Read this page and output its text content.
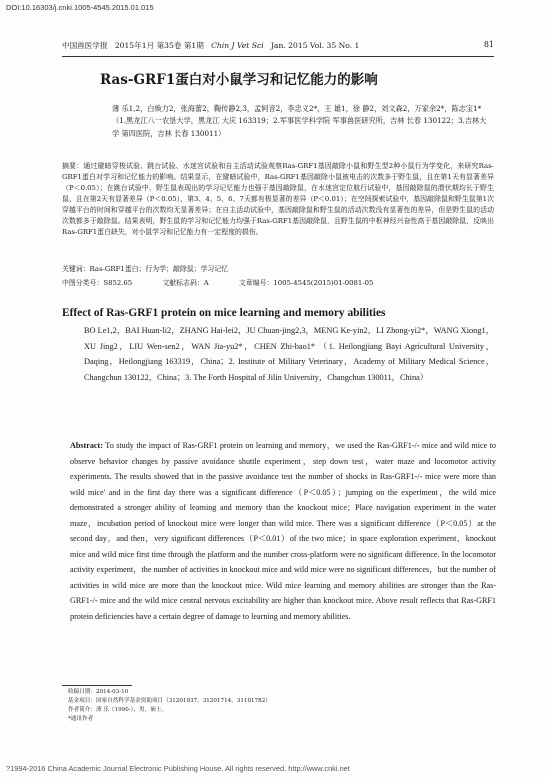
DOI:10.16303/j.cnki.1005-4545.2015.01.015
中国兽医学报 2015年1月 第35卷 第1期 Chin J Vet Sci Jan. 2015 Vol. 35 No. 1	81
Ras-GRF1蛋白对小鼠学习和记忆能力的影响
薄 乐1,2，白焕力2，张海蕾2，鞠传静2,3，孟轲音2，李忠义2*，王 雄1，徐 静2，刘文森2，万家余2*，陈志宝1* （1.黑龙江八一农垦大学，黑龙江 大庆 163319；2.军事医学科学院 军事兽医研究所，吉林 长春 130122；3.吉林大学 第四医院，吉林 长春 130011）
摘要：通过避暗穿梭试验、跳台试验、水迷宫试验和自主活动试验观察Ras-GRF1基因敲除小鼠和野生型2种小鼠行为学变化，来研究Ras-GRF1蛋白对学习和记忆能力的影响。结果显示，在避暗试验中，Ras-GRF1基因敲除小鼠被电击的次数多于野生鼠，且在第1天有显著差异（P＜0.05）；在跳台试验中，野生鼠表现出的学习记忆能力也强于基因敲除鼠，在水迷宫定位航行试验中，基因敲除鼠的潜伏期均长于野生鼠，且在第2天有显著差异（P＜0.05），第3、4、5、6、7天都有极显著的差异（P＜0.01）；在空间探索试验中，基因敲除鼠和野生鼠第1次穿越平台的时间和穿越平台的次数均无显著差异；在自主活动试验中，基因敲除鼠和野生鼠的活动次数没有显著性的差异，但是野生鼠的活动次数都多于敲除鼠。结果表明，野生鼠的学习和记忆能力均强于Ras-GRF1基因敲除鼠，且野生鼠的中枢神经兴奋性高于基因敲除鼠，反映出Ras-GRF1蛋白缺失，对小鼠学习和记忆能力有一定程度的损伤。
关键词：Ras-GRF1蛋白；行为学；敲除鼠；学习记忆
中图分类号：S852.65	文献标志码：A	文章编号：1005-4545(2015)01-0081-05
Effect of Ras-GRF1 protein on mice learning and memory abilities
BO Le1,2，BAI Huan-li2，ZHANG Hai-lei2，JU Chuan-jing2,3，MENG Ke-yin2，LI Zhong-yi2*，WANG Xiong1，XU Jing2，LIU Wen-sen2，WAN Jia-yu2*，CHEN Zhi-bao1* （1. Heilongjiang Bayi Agricultural University，Daqing，Heilongjiang 163319，China；2. Institute of Military Veterinary，Academy of Military Medical Science，Changchun 130122，China；3. The Forth Hospital of Jilin University，Changchun 130011，China）
Abstract: To study the impact of Ras-GRF1 protein on learning and memory，we used the Ras-GRF1-/- mice and wild mice to observe behavior changes by passive avoidance shuttle experiment，step down test，water maze and locomotor activity experiments. The results showed that in the passive avoidance test the number of shocks in Ras-GRF1-/- mice were more than wild mice' and in the first day there was a significant difference（P＜0.05）；jumping on the experiment，the wild mice demonstrated a stronger ability of learning and memory than the knockout mice；Place navigation experiment in the water maze，incubation period of knockout mice were longer than wild mice. There was a significant difference（P＜0.05）at the second day，and then，very significant differences（P＜0.01）of the two mice；in space exploration experiment，knockout mice and wild mice first time through the platform and the number cross-platform were no significant difference. In the locomotor activity experiment，the number of activities in knockout mice and wild mice were no significant differences，but the number of activities in wild mice are more than the knockout mice. Wild mice learning and memory abilities are stronger than the Ras-GRF1-/- mice and the wild mice central nervous excitability are higher than knockout mice. Above result reflects that Ras-GRF1 protein deficiencies have a certain degree of damage to learning and memory abilities.
收稿日期：2014-03-10
基金项目：国家自然科学基金资助项目（31201937，31201714，31101782）
作者简介：薄 乐（1990-），男，硕士。
*通讯作者
?1994-2016 China Academic Journal Electronic Publishing House. All rights reserved. http://www.cnki.net
